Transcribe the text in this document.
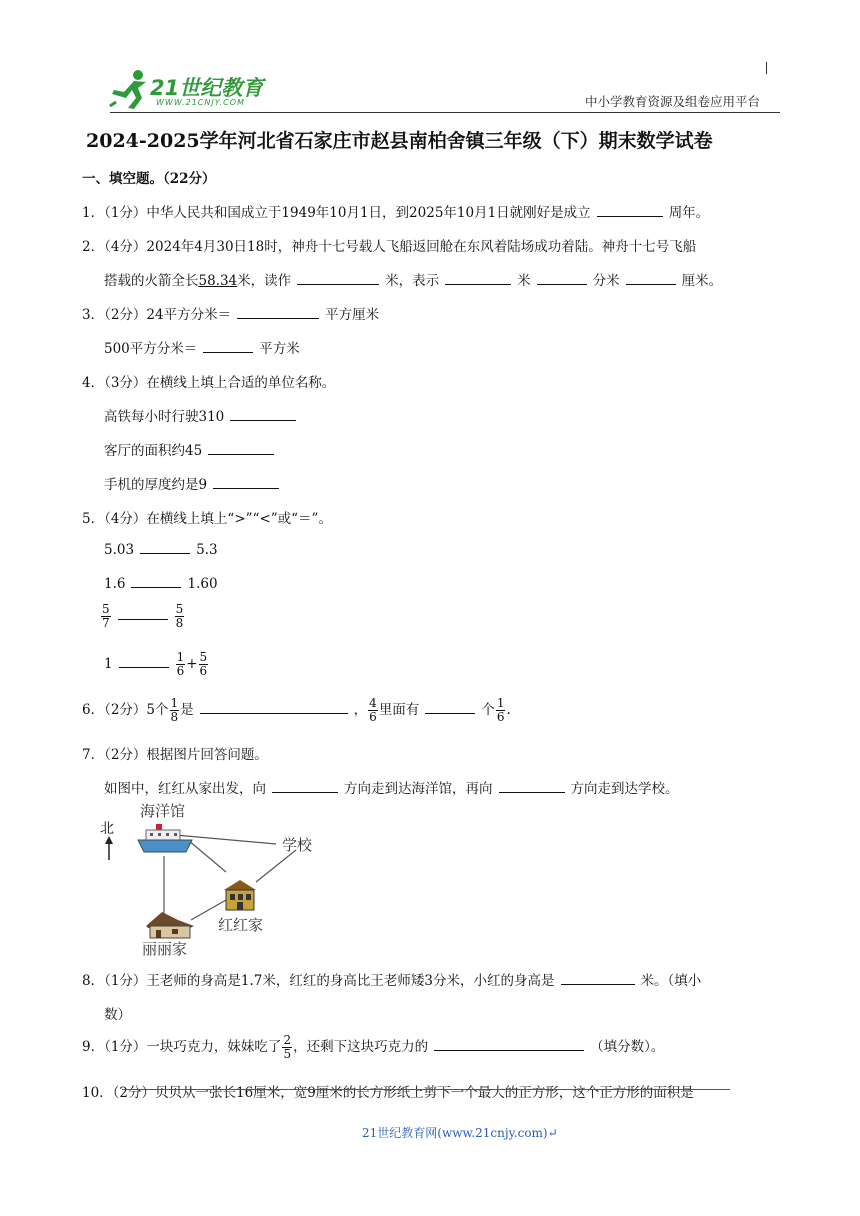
21世纪教育
WWW.21CNJY.COM	中小学教育资源及组卷应用平台
2024-2025学年河北省石家庄市赵县南柏舍镇三年级（下）期末数学试卷
一、填空题。（22分）
1．（1分）中华人民共和国成立于1949年10月1日，到2025年10月1日就刚好是成立	周年。
2．（4分）2024年4月30日18时，神舟十七号载人飞船返回舱在东风着陆场成功着陆。神舟十七号飞船
搭载的火箭全长58.34米，读作	米，表示	米	分米	厘米。
3．（2分）24平方分米＝	平方厘米
500平方分米＝	平方米
4．（3分）在横线上填上合适的单位名称。
高铁每小时行驶310
客厅的面积约45
手机的厚度约是9
5．（4分）在横线上填上“>”“<”或“＝”。
5.03	5.3
1.6	1.60
$\frac{5}{7}$	$\frac{5}{8}$
1	$\frac{1}{6} + \frac{5}{6}$
6．（2分）5个 $\frac{1}{8}$ 是	， $\frac{4}{6}$ 里面有	个 $\frac{1}{6}$ .
7．（2分）根据图片回答问题。
如图中，红红从家出发，向	方向走到达海洋馆，再向	方向走到达学校。
北
海洋馆
学校
红红家
丽丽家
8．（1分）王老师的身高是1.7米，红红的身高比王老师矮3分米，小红的身高是	米。（填小
数）
9．（1分）一块巧克力，妹妹吃了 $\frac{2}{5}$ ，还剩下这块巧克力的	（填分数）。
10．（2分）贝贝从一张长16厘米，宽9厘米的长方形纸上剪下一个最大的正方形，这个正方形的面积是
21世纪教育网(www.21cnjy.com)↵
